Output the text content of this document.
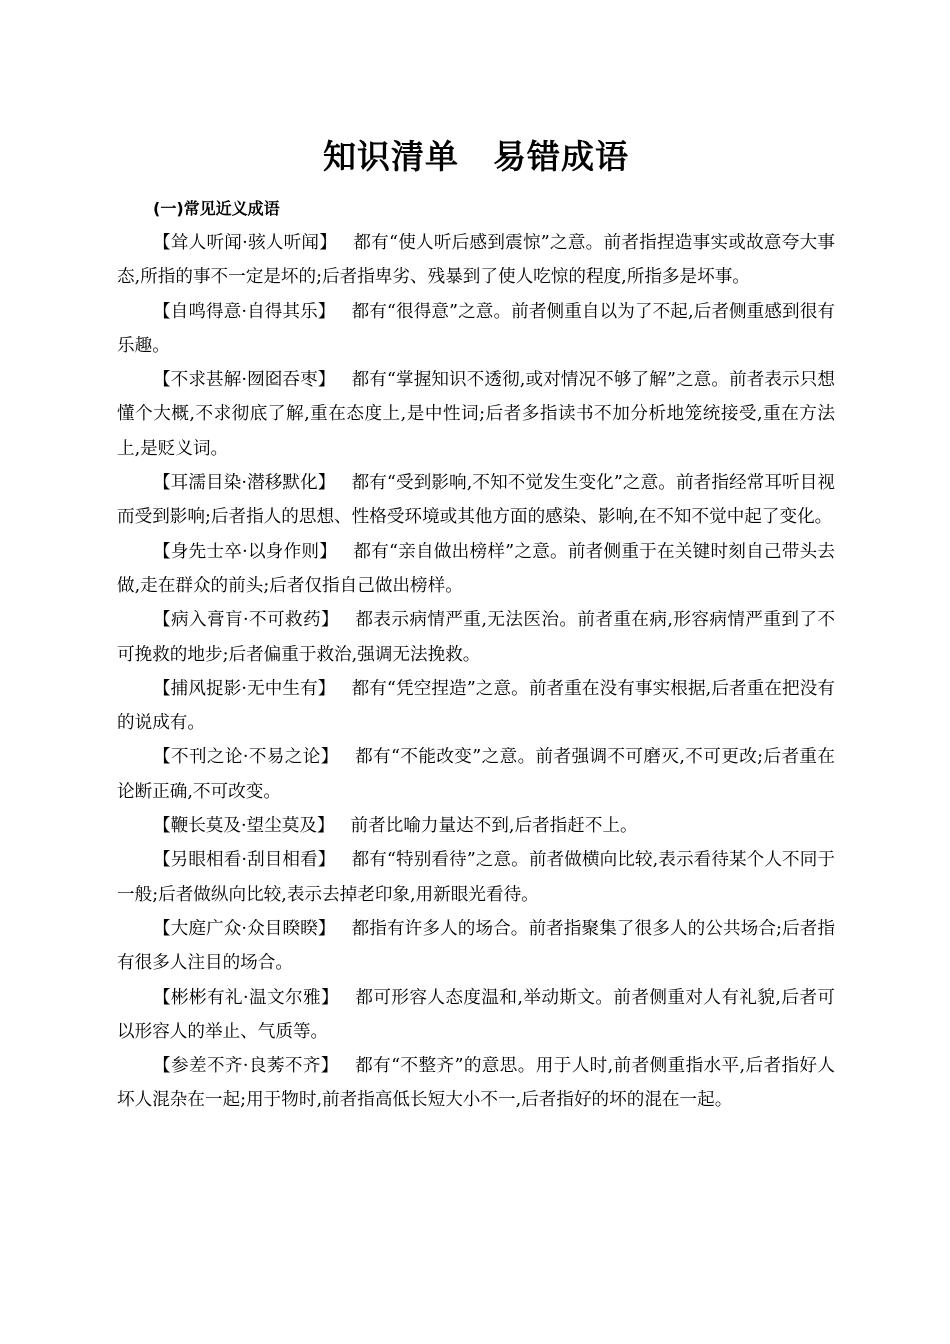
知识清单　易错成语
(一)常见近义成语

【耸人听闻·骇人听闻】 都有“使人听后感到震惊”之意。前者指捏造事实或故意夸大事态,所指的事不一定是坏的;后者指卑劣、残暴到了使人吃惊的程度,所指多是坏事。

【自鸣得意·自得其乐】 都有“很得意”之意。前者侧重自以为了不起,后者侧重感到很有乐趣。

【不求甚解·囫囵吞枣】 都有“掌握知识不透彻,或对情况不够了解”之意。前者表示只想懂个大概,不求彻底了解,重在态度上,是中性词;后者多指读书不加分析地笼统接受,重在方法上,是贬义词。

【耳濡目染·潜移默化】 都有“受到影响,不知不觉发生变化”之意。前者指经常耳听目视而受到影响;后者指人的思想、性格受环境或其他方面的感染、影响,在不知不觉中起了变化。

【身先士卒·以身作则】 都有“亲自做出榜样”之意。前者侧重于在关键时刻自己带头去做,走在群众的前头;后者仅指自己做出榜样。

【病入膏肓·不可救药】 都表示病情严重,无法医治。前者重在病,形容病情严重到了不可挽救的地步;后者偏重于救治,强调无法挽救。

【捕风捉影·无中生有】 都有“凭空捏造”之意。前者重在没有事实根据,后者重在把没有的说成有。

【不刊之论·不易之论】 都有“不能改变”之意。前者强调不可磨灭,不可更改;后者重在论断正确,不可改变。

【鞭长莫及·望尘莫及】 前者比喻力量达不到,后者指赶不上。

【另眼相看·刮目相看】 都有“特别看待”之意。前者做横向比较,表示看待某个人不同于一般;后者做纵向比较,表示去掉老印象,用新眼光看待。

【大庭广众·众目睽睽】 都指有许多人的场合。前者指聚集了很多人的公共场合;后者指有很多人注目的场合。

【彬彬有礼·温文尔雅】 都可形容人态度温和,举动斯文。前者侧重对人有礼貌,后者可以形容人的举止、气质等。

【参差不齐·良莠不齐】 都有“不整齐”的意思。用于人时,前者侧重指水平,后者指好人坏人混杂在一起;用于物时,前者指高低长短大小不一,后者指好的坏的混在一起。
